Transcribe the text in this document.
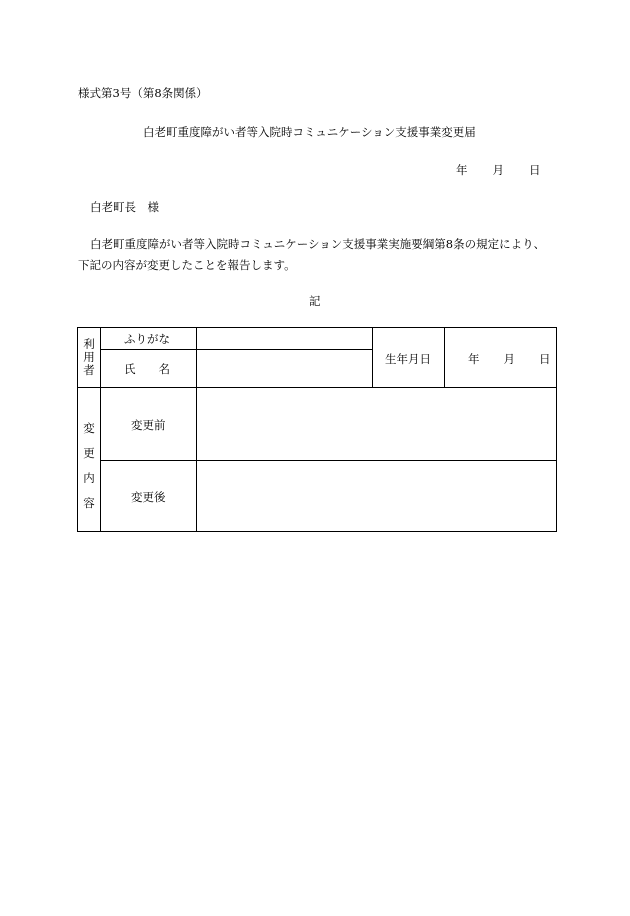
様式第3号（第8条関係）
白老町重度障がい者等入院時コミュニケーション支援事業変更届
年 月 日
白老町長　様
白老町重度障がい者等入院時コミュニケーション支援事業実施要綱第8条の規定により、
下記の内容が変更したことを報告します。
記
利
用
者
ふりがな
氏　　名
生年月日	年 月 日
変
更
内
容
変更前
変更後
